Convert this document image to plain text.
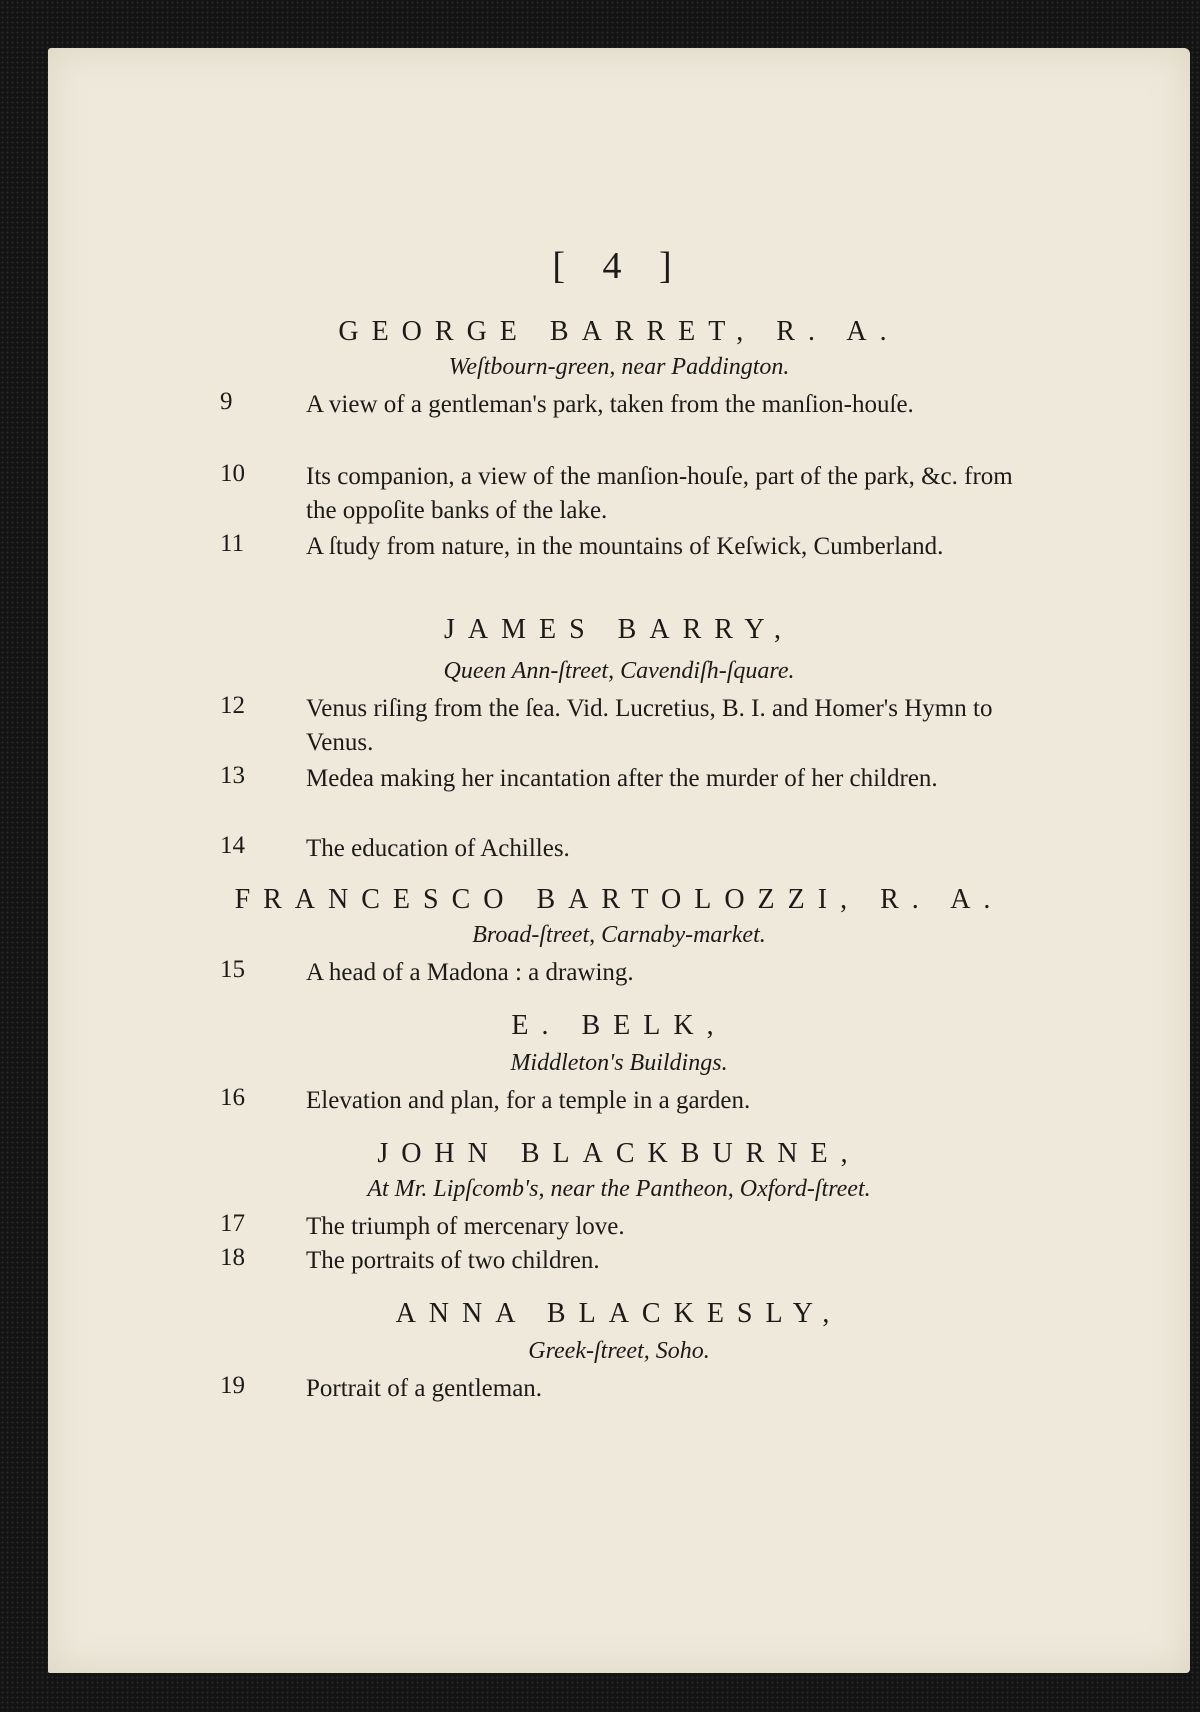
[ 4 ]
GEORGE BARRET, R. A.
Weſtbourn-green, near Paddington.
9	A view of a gentleman's park, taken from the manſion-houſe.
10	Its companion, a view of the manſion-houſe, part of the park, &c. from the oppoſite banks of the lake.
11	A ſtudy from nature, in the mountains of Keſwick, Cumberland.
JAMES BARRY,
Queen Ann-ſtreet, Cavendiſh-ſquare.
12	Venus riſing from the ſea. Vid. Lucretius, B. I. and Homer's Hymn to Venus.
13	Medea making her incantation after the murder of her children.
14	The education of Achilles.
FRANCESCO BARTOLOZZI, R. A.
Broad-ſtreet, Carnaby-market.
15	A head of a Madona : a drawing.
E. BELK,
Middleton's Buildings.
16	Elevation and plan, for a temple in a garden.
JOHN BLACKBURNE,
At Mr. Lipſcomb's, near the Pantheon, Oxford-ſtreet.
17	The triumph of mercenary love.
18	The portraits of two children.
ANNA BLACKESLY,
Greek-ſtreet, Soho.
19	Portrait of a gentleman.
